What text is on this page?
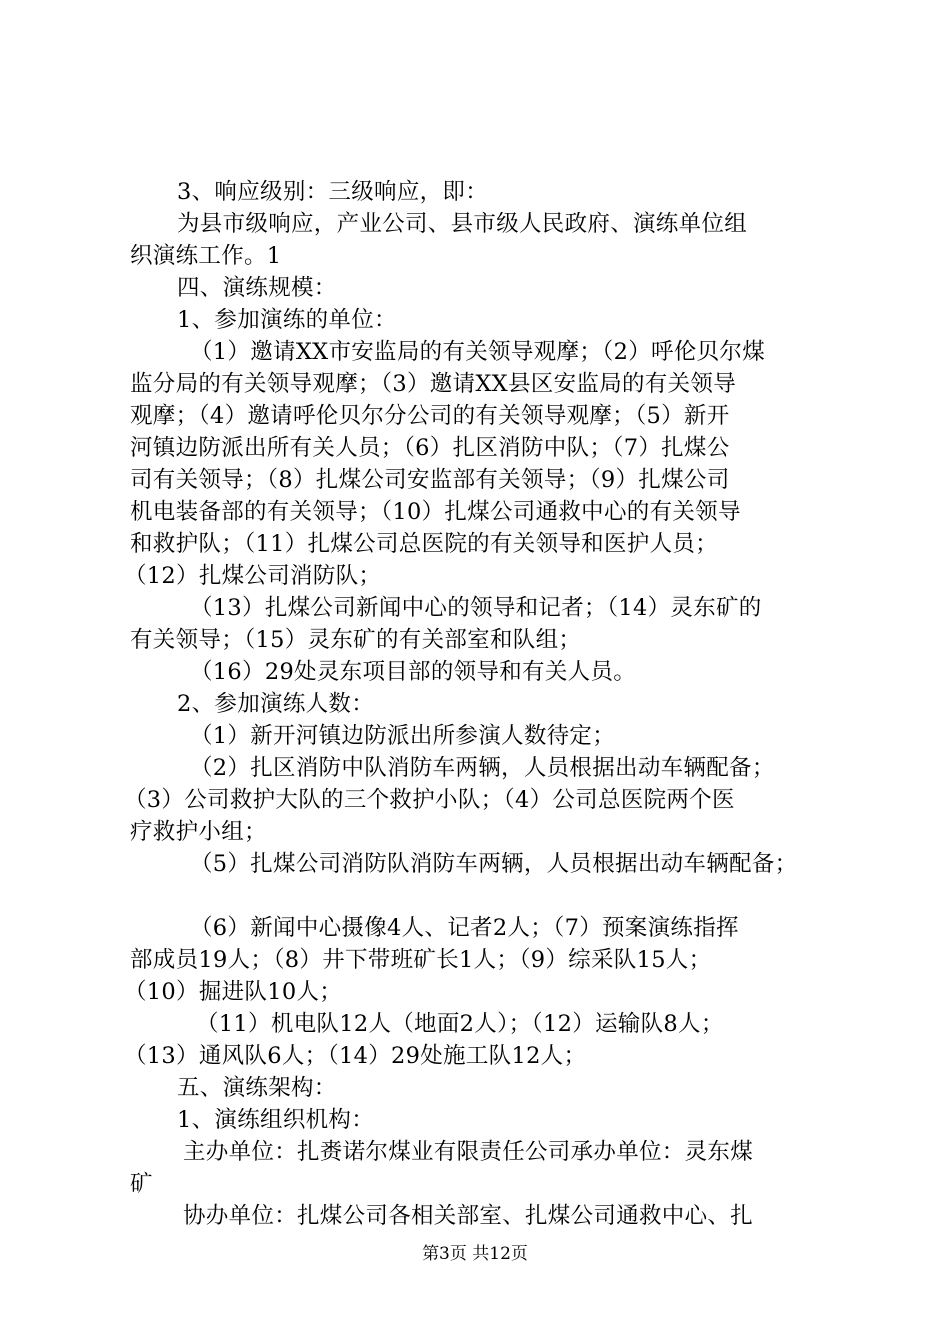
3、响应级别：三级响应，即：
为县市级响应，产业公司、县市级人民政府、演练单位组
织演练工作。1
四、演练规模：
1、参加演练的单位：
（1）邀请XX市安监局的有关领导观摩；（2）呼伦贝尔煤
监分局的有关领导观摩；（3）邀请XX县区安监局的有关领导
观摩；（4）邀请呼伦贝尔分公司的有关领导观摩；（5）新开
河镇边防派出所有关人员；（6）扎区消防中队；（7）扎煤公
司有关领导；（8）扎煤公司安监部有关领导；（9）扎煤公司
机电装备部的有关领导；（10）扎煤公司通救中心的有关领导
和救护队；（11）扎煤公司总医院的有关领导和医护人员；
（12）扎煤公司消防队；
（13）扎煤公司新闻中心的领导和记者；（14）灵东矿的
有关领导；（15）灵东矿的有关部室和队组；
（16）29处灵东项目部的领导和有关人员。
2、参加演练人数：
（1）新开河镇边防派出所参演人数待定；
（2）扎区消防中队消防车两辆，人员根据出动车辆配备；
（3）公司救护大队的三个救护小队；（4）公司总医院两个医
疗救护小组；
（5）扎煤公司消防队消防车两辆，人员根据出动车辆配备；
（6）新闻中心摄像4人、记者2人；（7）预案演练指挥
部成员19人；（8）井下带班矿长1人；（9）综采队15人；
（10）掘进队10人；
（11）机电队12人（地面2人）；（12）运输队8人；
（13）通风队6人；（14）29处施工队12人；
五、演练架构：
1、演练组织机构：
主办单位：扎赉诺尔煤业有限责任公司承办单位：灵东煤
矿
协办单位：扎煤公司各相关部室、扎煤公司通救中心、扎
第3页 共12页
